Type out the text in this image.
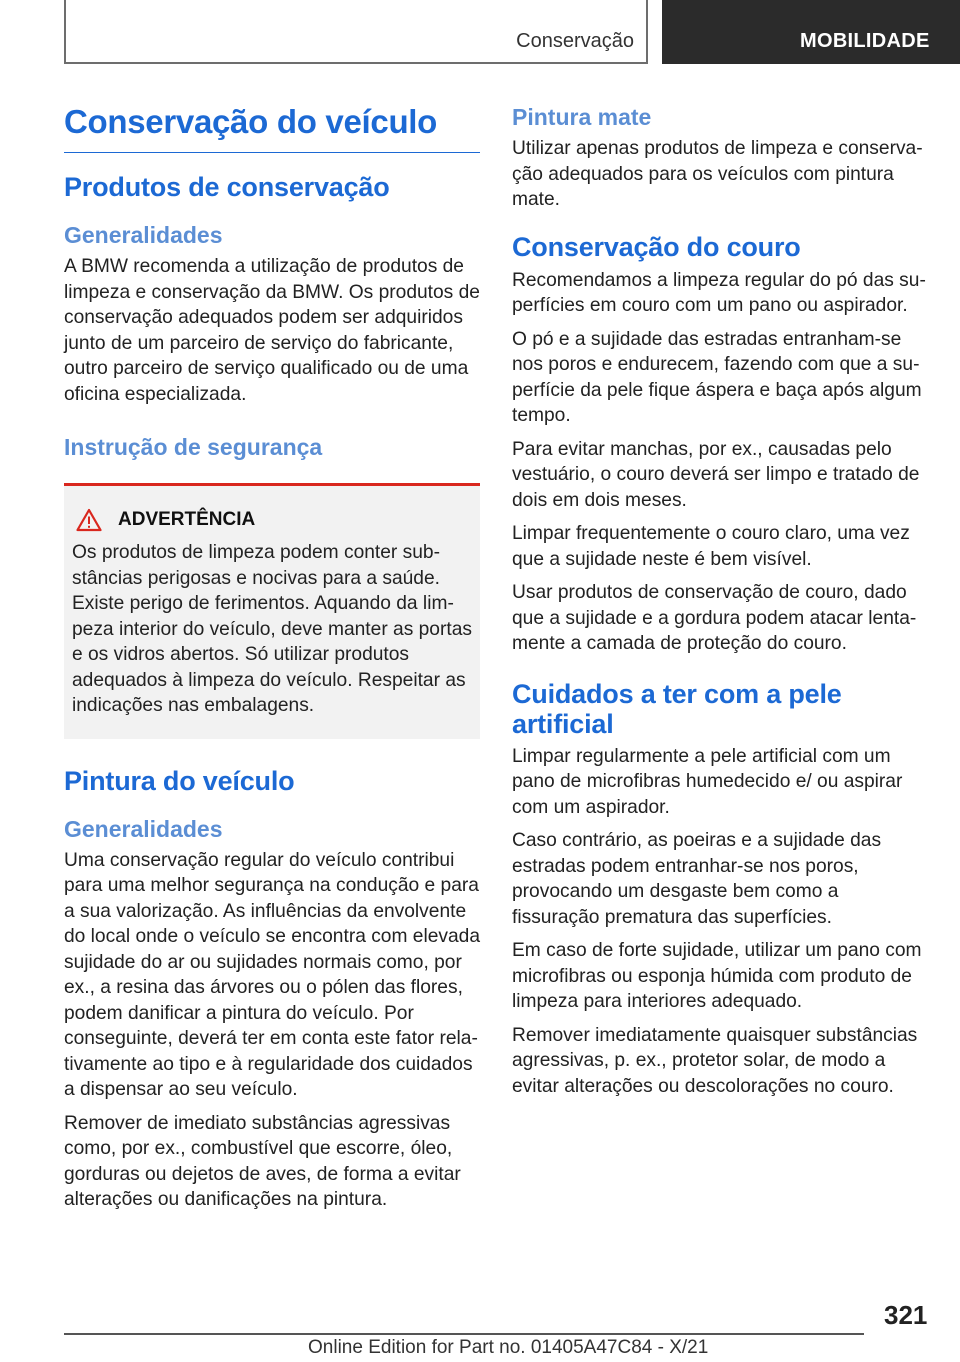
Conservação	MOBILIDADE
Conservação do veículo
Produtos de conservação
Generalidades

A BMW recomenda a utilização de produtos de limpeza e conservação da BMW. Os produtos de conservação adequados podem ser adquiridos junto de um parceiro de serviço do fabricante, outro parceiro de serviço qualificado ou de uma oficina especializada.

Instrução de segurança
ADVERTÊNCIA

Os produtos de limpeza podem conter substâncias perigosas e nocivas para a saúde. Existe perigo de ferimentos. Aquando da limpeza interior do veículo, deve manter as portas e os vidros abertos. Só utilizar produtos adequados à limpeza do veículo. Respeitar as indicações nas embalagens.

Pintura do veículo
Generalidades

Uma conservação regular do veículo contribui para uma melhor segurança na condução e para a sua valorização. As influências da envolvente do local onde o veículo se encontra com elevada sujidade do ar ou sujidades normais como, por ex., a resina das árvores ou o pólen das flores, podem danificar a pintura do veículo. Por conseguinte, deverá ter em conta este fator relativamente ao tipo e à regularidade dos cuidados a dispensar ao seu veículo.

Remover de imediato substâncias agressivas como, por ex., combustível que escorre, óleo, gorduras ou dejetos de aves, de forma a evitar alterações ou danificações na pintura.

Pintura mate

Utilizar apenas produtos de limpeza e conservação adequados para os veículos com pintura mate.

Conservação do couro

Recomendamos a limpeza regular do pó das superfícies em couro com um pano ou aspirador.

O pó e a sujidade das estradas entranham-se nos poros e endurecem, fazendo com que a superfície da pele fique áspera e baça após algum tempo.

Para evitar manchas, por ex., causadas pelo vestuário, o couro deverá ser limpo e tratado de dois em dois meses.

Limpar frequentemente o couro claro, uma vez que a sujidade neste é bem visível.

Usar produtos de conservação de couro, dado que a sujidade e a gordura podem atacar lentamente a camada de proteção do couro.

Cuidados a ter com a pele artificial

Limpar regularmente a pele artificial com um pano de microfibras humedecido e/ ou aspirar com um aspirador.

Caso contrário, as poeiras e a sujidade das estradas podem entranhar-se nos poros, provocando um desgaste bem como a fissuração prematura das superfícies.

Em caso de forte sujidade, utilizar um pano com microfibras ou esponja húmida com produto de limpeza para interiores adequado.

Remover imediatamente quaisquer substâncias agressivas, p. ex., protetor solar, de modo a evitar alterações ou descolorações no couro.

321
Online Edition for Part no. 01405A47C84 - X/21
